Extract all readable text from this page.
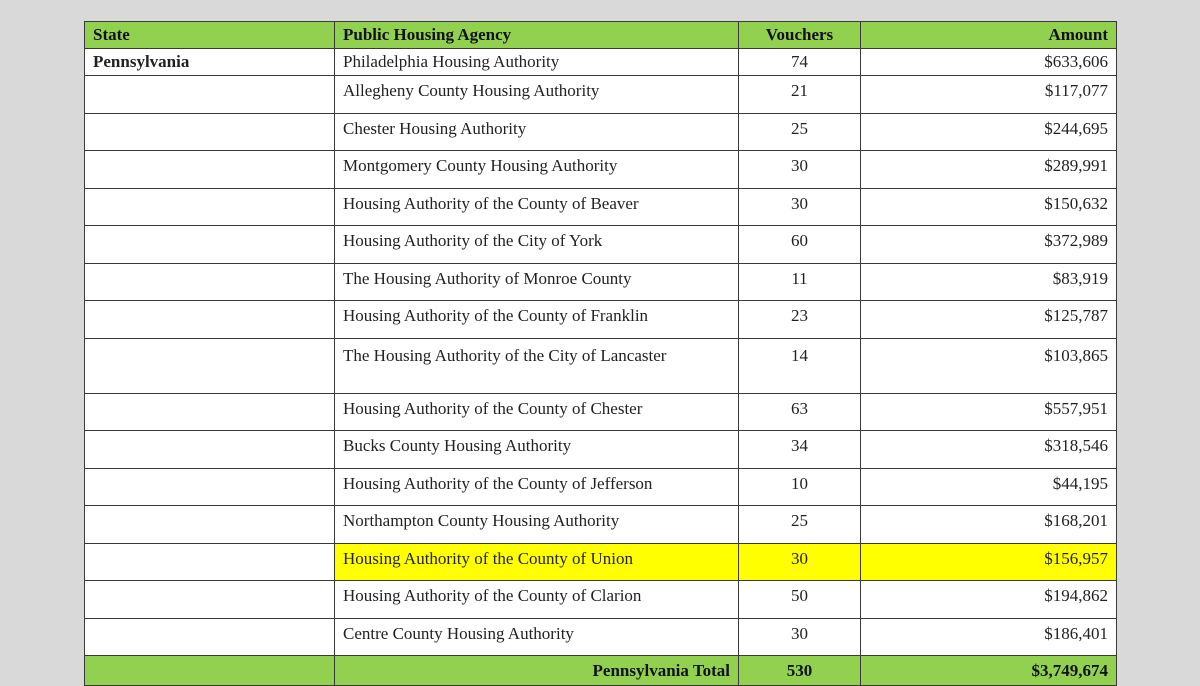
State	Public Housing Agency	Vouchers	Amount
Pennsylvania	Philadelphia Housing Authority	74	$633,606
	Allegheny County Housing Authority	21	$117,077
	Chester Housing Authority	25	$244,695
	Montgomery County Housing Authority	30	$289,991
	Housing Authority of the County of Beaver	30	$150,632
	Housing Authority of the City of York	60	$372,989
	The Housing Authority of Monroe County	11	$83,919
	Housing Authority of the County of Franklin	23	$125,787
	The Housing Authority of the City of Lancaster	14	$103,865
	Housing Authority of the County of Chester	63	$557,951
	Bucks County Housing Authority	34	$318,546
	Housing Authority of the County of Jefferson	10	$44,195
	Northampton County Housing Authority	25	$168,201
	Housing Authority of the County of Union	30	$156,957
	Housing Authority of the County of Clarion	50	$194,862
	Centre County Housing Authority	30	$186,401
	Pennsylvania Total	530	$3,749,674
